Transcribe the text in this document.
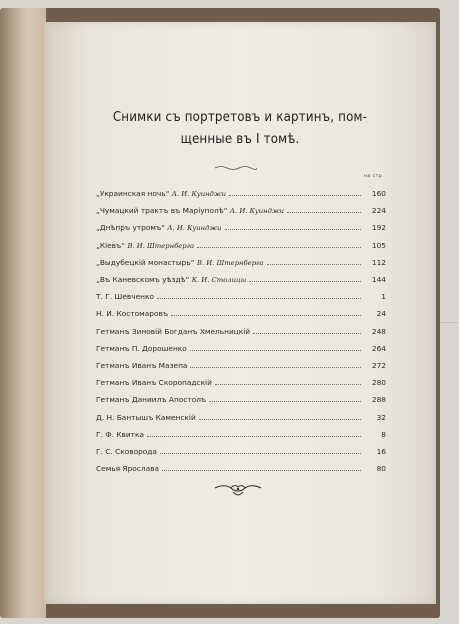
Снимки съ портретовъ и картинъ, пом-
щенные въ I томѣ.
на стр.
„Украинская ночь“ А. И. Куинджи	160
„Чумацкий трактъ въ Маріуполѣ“ А. И. Куинджи	224
„Днѣпръ утромъ“ А. И. Куинджи	192
„Кіевъ“ В. И. Штернберга	105
„Выдубецкій монастырь“ В. И. Штернберга	112
„Въ Каневскомъ уѣздѣ“ К. И. Столицы	144
Т. Г. Шевченко	1
Н. И. Костомаровъ	24
Гетманъ Зиновій Богданъ Хмельницкій	248
Гетманъ П. Дорошенко	264
Гетманъ Иванъ Мазепа	272
Гетманъ Иванъ Скоропадскій	280
Гетманъ Даниилъ Апостолъ	288
Д. Н. Бантышъ Каменскій	32
Г. Ф. Квитка	8
Г. С. Сковорода	16
Семья Ярослава	80
